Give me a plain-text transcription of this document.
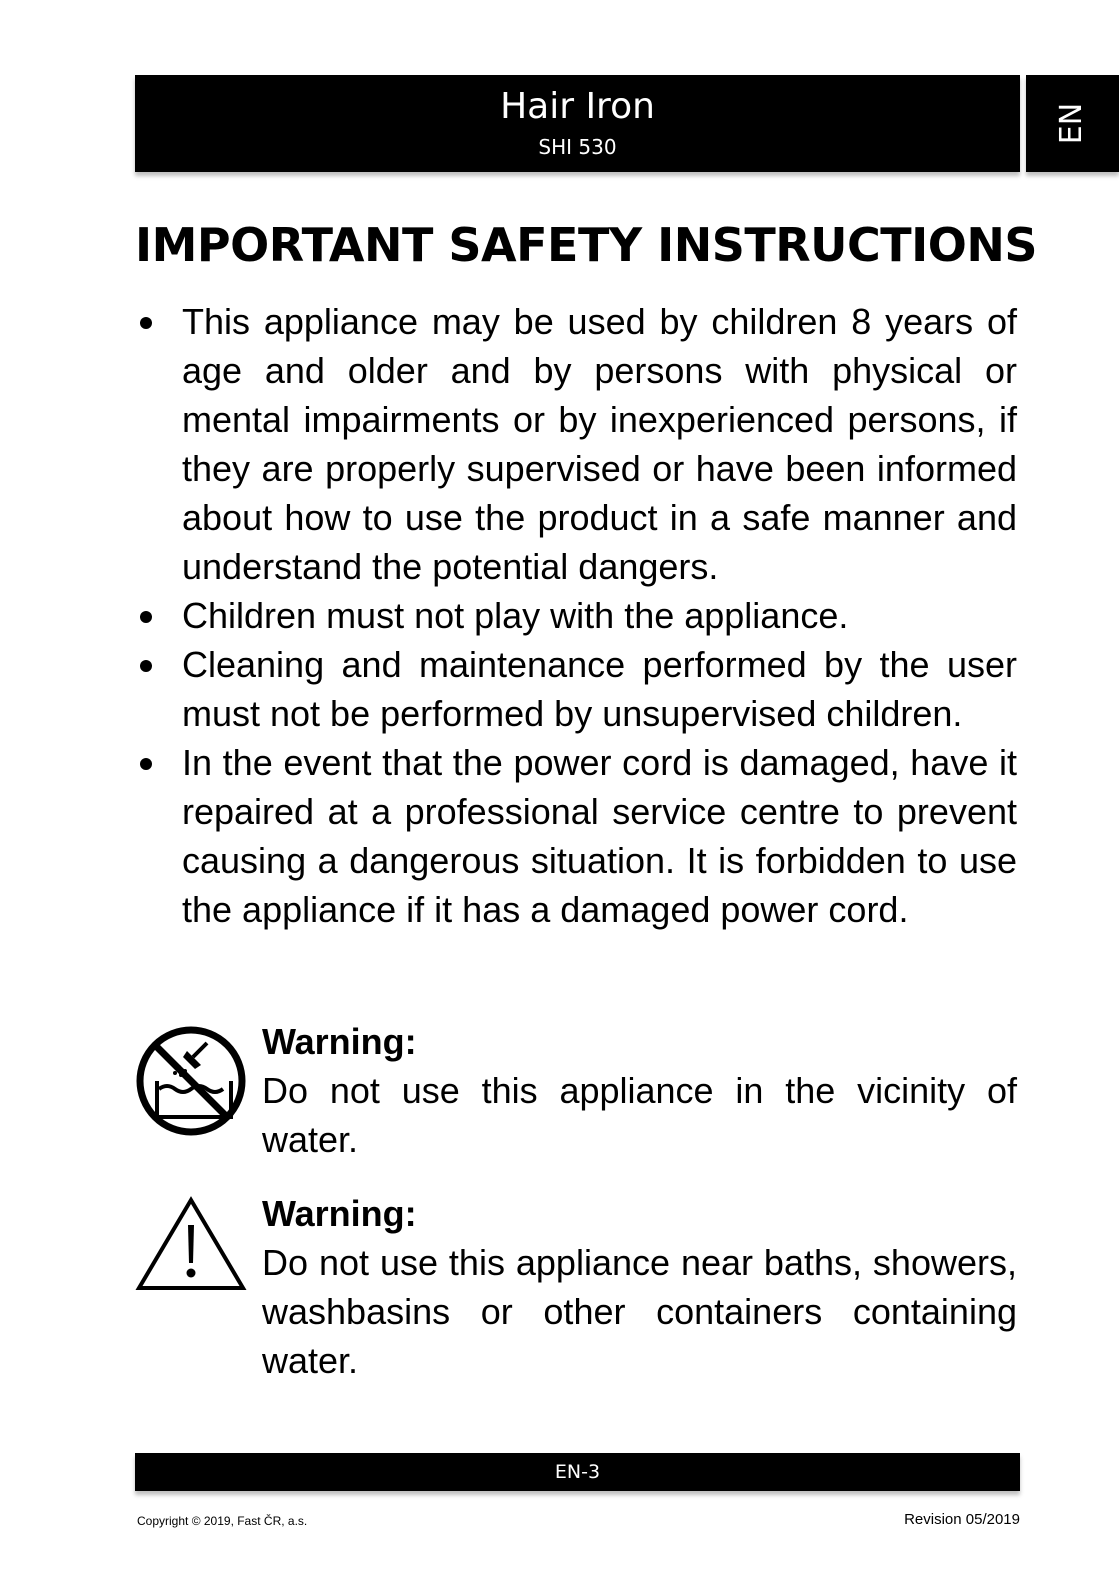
Hair Iron
SHI 530
EN
IMPORTANT SAFETY INSTRUCTIONS
This appliance may be used by children 8 years of age and older and by persons with physical or mental impairments or by inexperienced persons, if they are properly supervised or have been informed about how to use the product in a safe manner and understand the potential dangers.
Children must not play with the appliance.
Cleaning and maintenance performed by the user must not be performed by unsupervised children.
In the event that the power cord is damaged, have it repaired at a professional service centre to prevent causing a dangerous situation. It is forbidden to use the appliance if it has a damaged power cord.
Warning:
Do not use this appliance in the vicinity of water.
Warning:
Do not use this appliance near baths, showers, washbasins or other containers containing water.
EN-3
Copyright © 2019, Fast ČR, a.s.	Revision 05/2019
